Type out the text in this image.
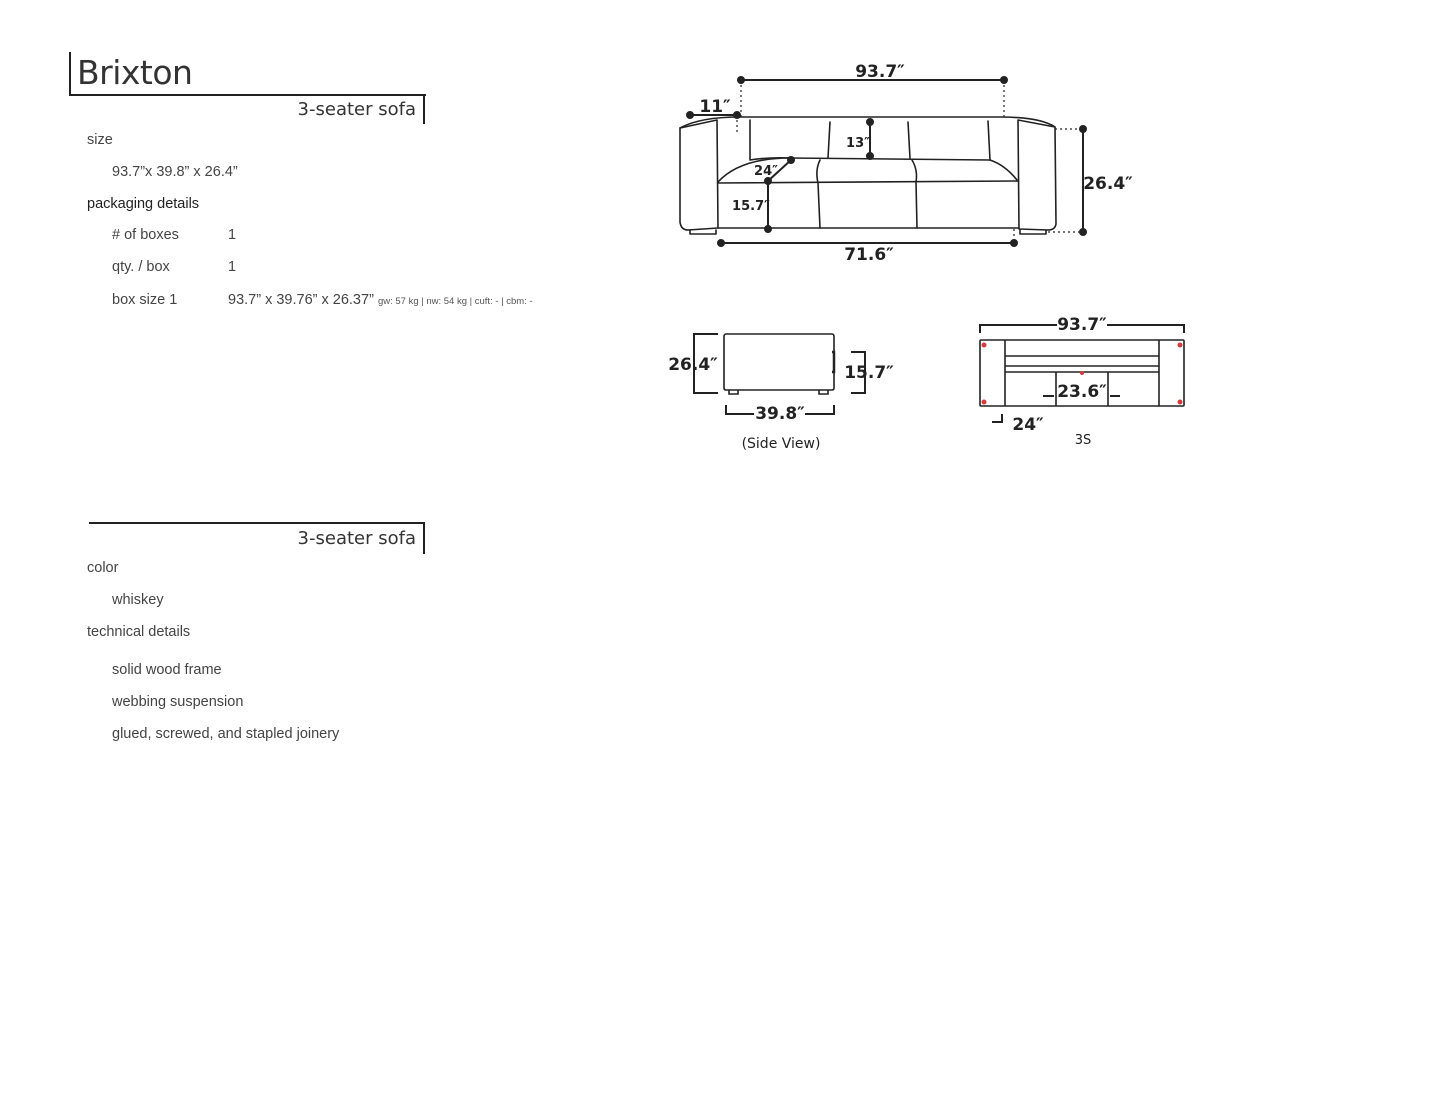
Brixton
3-seater sofa
size
93.7”x 39.8” x 26.4”
packaging details
# of boxes	1
qty. / box	1
box size 1	93.7” x 39.76” x 26.37” gw: 57 kg | nw: 54 kg | cuft: - | cbm: -
3-seater sofa
color
whiskey
technical details
solid wood frame
webbing suspension
glued, screwed, and stapled joinery
93.7″
11″
13″
24″
15.7″
26.4″
71.6″
26.4″	15.7″
39.8″
(Side View)
93.7″
23.6″
24″
3S
